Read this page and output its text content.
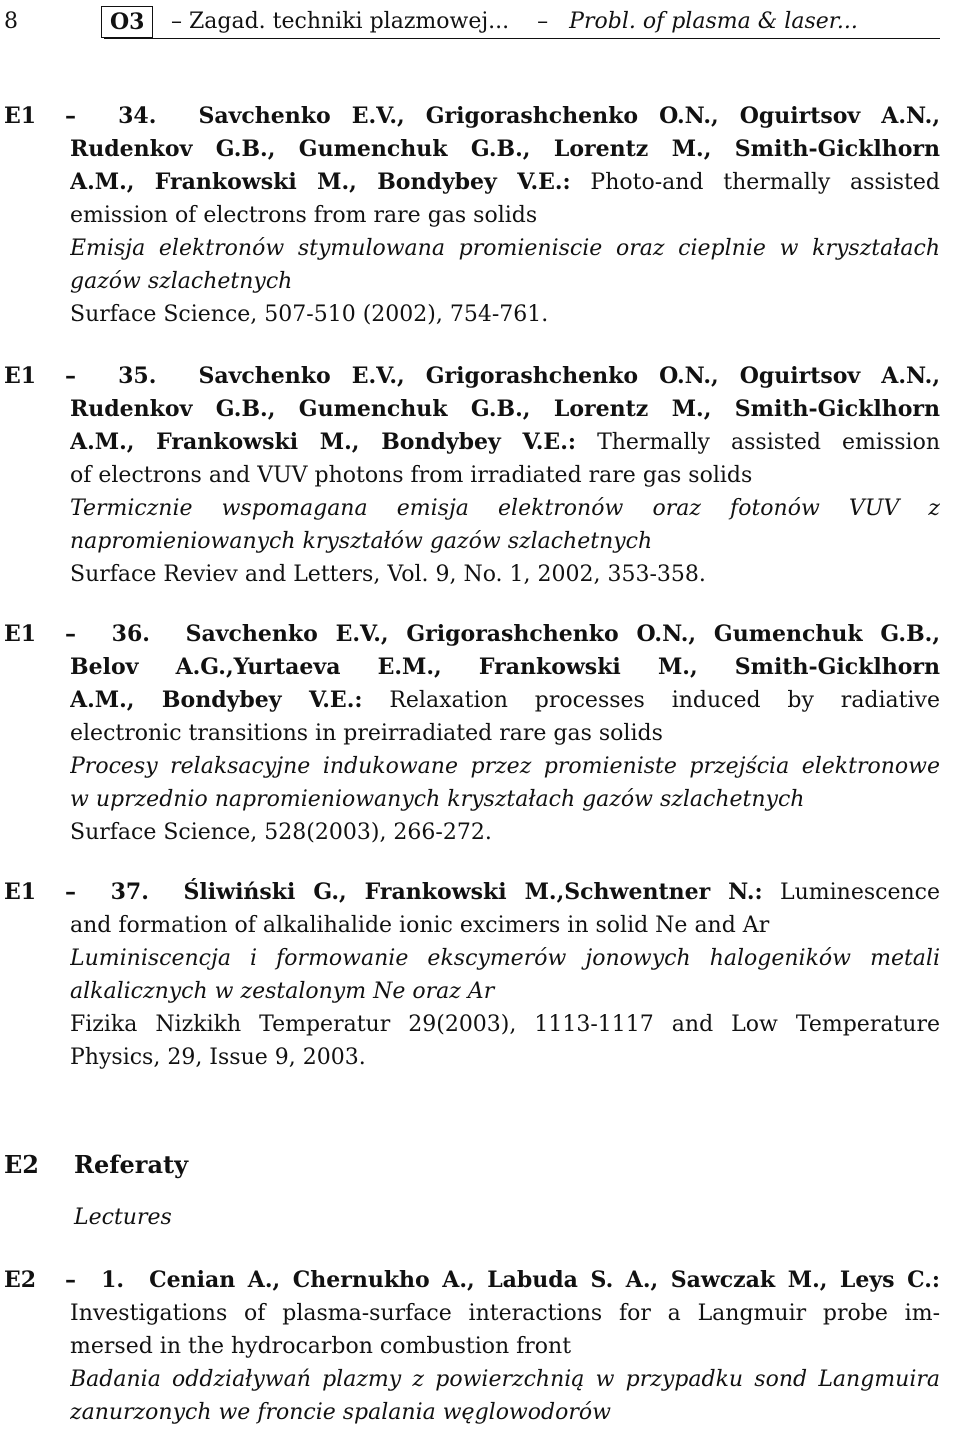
8	O3	– Zagad. techniki plazmowej... – Probl. of plasma & laser...
E1 – 34. Savchenko E.V., Grigorashchenko O.N., Oguirtsov A.N.,
Rudenkov G.B., Gumenchuk G.B., Lorentz M., Smith-Gicklhorn
A.M., Frankowski M., Bondybey V.E.: Photo-and thermally assisted
emission of electrons from rare gas solids
Emisja elektronów stymulowana promieniscie oraz cieplnie w kryształach
gazów szlachetnych
Surface Science, 507-510 (2002), 754-761.
E1 – 35. Savchenko E.V., Grigorashchenko O.N., Oguirtsov A.N.,
Rudenkov G.B., Gumenchuk G.B., Lorentz M., Smith-Gicklhorn
A.M., Frankowski M., Bondybey V.E.: Thermally assisted emission
of electrons and VUV photons from irradiated rare gas solids
Termicznie wspomagana emisja elektronów oraz fotonów VUV z
napromieniowanych kryształów gazów szlachetnych
Surface Reviev and Letters, Vol. 9, No. 1, 2002, 353-358.
E1 – 36. Savchenko E.V., Grigorashchenko O.N., Gumenchuk G.B.,
Belov A.G.,Yurtaeva E.M., Frankowski M., Smith-Gicklhorn
A.M., Bondybey V.E.: Relaxation processes induced by radiative
electronic transitions in preirradiated rare gas solids
Procesy relaksacyjne indukowane przez promieniste przejścia elektronowe
w uprzednio napromieniowanych kryształach gazów szlachetnych
Surface Science, 528(2003), 266-272.
E1 – 37. Śliwiński G., Frankowski M.,Schwentner N.: Luminescence
and formation of alkalihalide ionic excimers in solid Ne and Ar
Luminiscencja i formowanie ekscymerów jonowych halogeników metali
alkalicznych w zestalonym Ne oraz Ar
Fizika Nizkikh Temperatur 29(2003), 1113-1117 and Low Temperature
Physics, 29, Issue 9, 2003.
E2 Referaty
Lectures
E2 – 1. Cenian A., Chernukho A., Labuda S. A., Sawczak M., Leys C.:
Investigations of plasma-surface interactions for a Langmuir probe im-
mersed in the hydrocarbon combustion front
Badania oddziaływań plazmy z powierzchnią w przypadku sond Langmuira
zanurzonych we froncie spalania węglowodorów
